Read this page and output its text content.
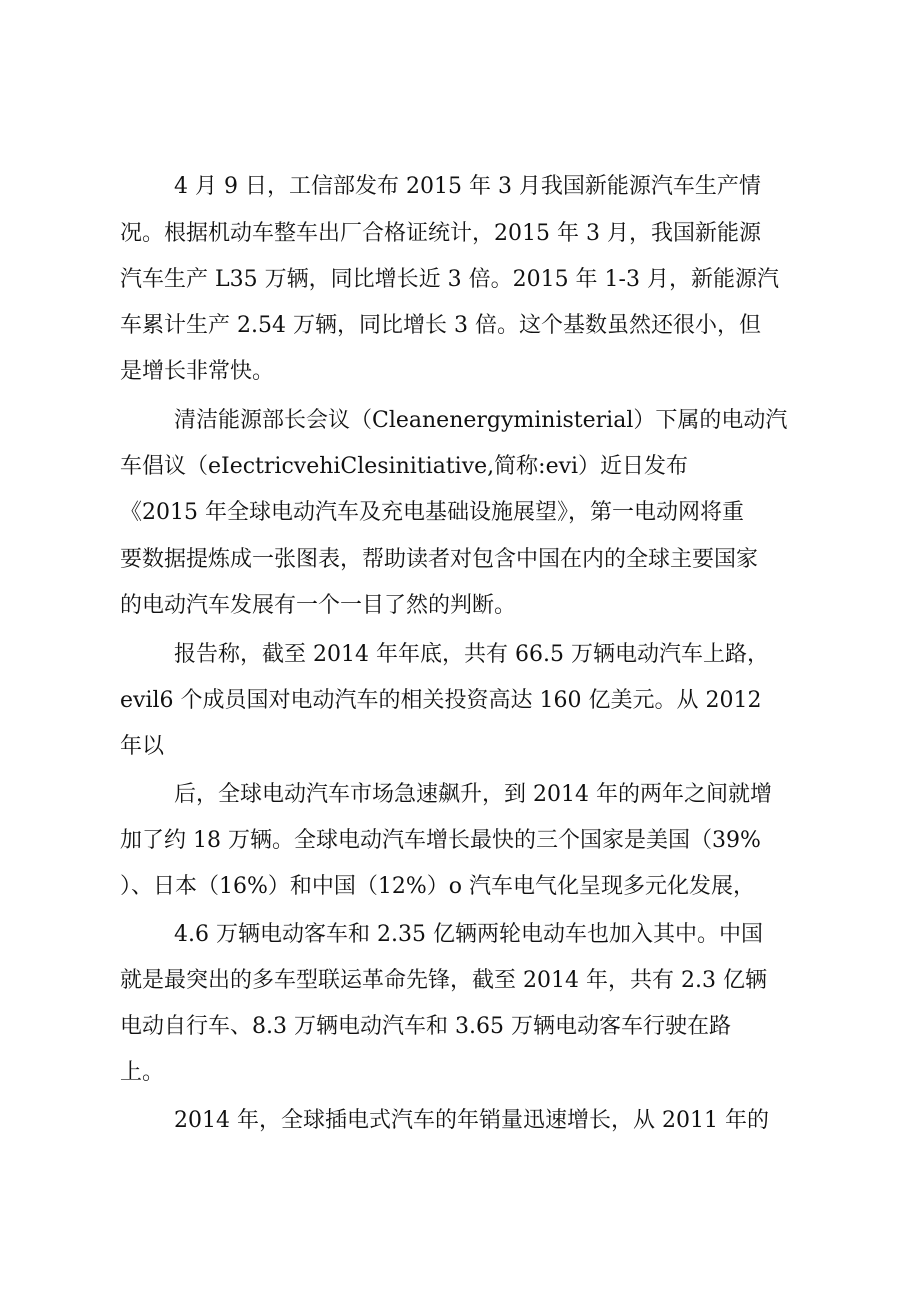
4 月 9 日，工信部发布 2015 年 3 月我国新能源汽车生产情
况。根据机动车整车出厂合格证统计，2015 年 3 月，我国新能源
汽车生产 L35 万辆，同比增长近 3 倍。2015 年 1-3 月，新能源汽
车累计生产 2.54 万辆，同比增长 3 倍。这个基数虽然还很小，但
是增长非常快。
清洁能源部长会议（Cleanenergyministerial）下属的电动汽
车倡议（eIectricvehiClesinitiative,简称:evi）近日发布
《2015 年全球电动汽车及充电基础设施展望》，第一电动网将重
要数据提炼成一张图表，帮助读者对包含中国在内的全球主要国家
的电动汽车发展有一个一目了然的判断。
报告称，截至 2014 年年底，共有 66.5 万辆电动汽车上路，
evil6 个成员国对电动汽车的相关投资高达 160 亿美元。从 2012
年以
后，全球电动汽车市场急速飙升，到 2014 年的两年之间就增
加了约 18 万辆。全球电动汽车增长最快的三个国家是美国（39%
）、日本（16%）和中国（12%）o 汽车电气化呈现多元化发展，
4.6 万辆电动客车和 2.35 亿辆两轮电动车也加入其中。中国
就是最突出的多车型联运革命先锋，截至 2014 年，共有 2.3 亿辆
电动自行车、8.3 万辆电动汽车和 3.65 万辆电动客车行驶在路
上。
2014 年，全球插电式汽车的年销量迅速增长，从 2011 年的
